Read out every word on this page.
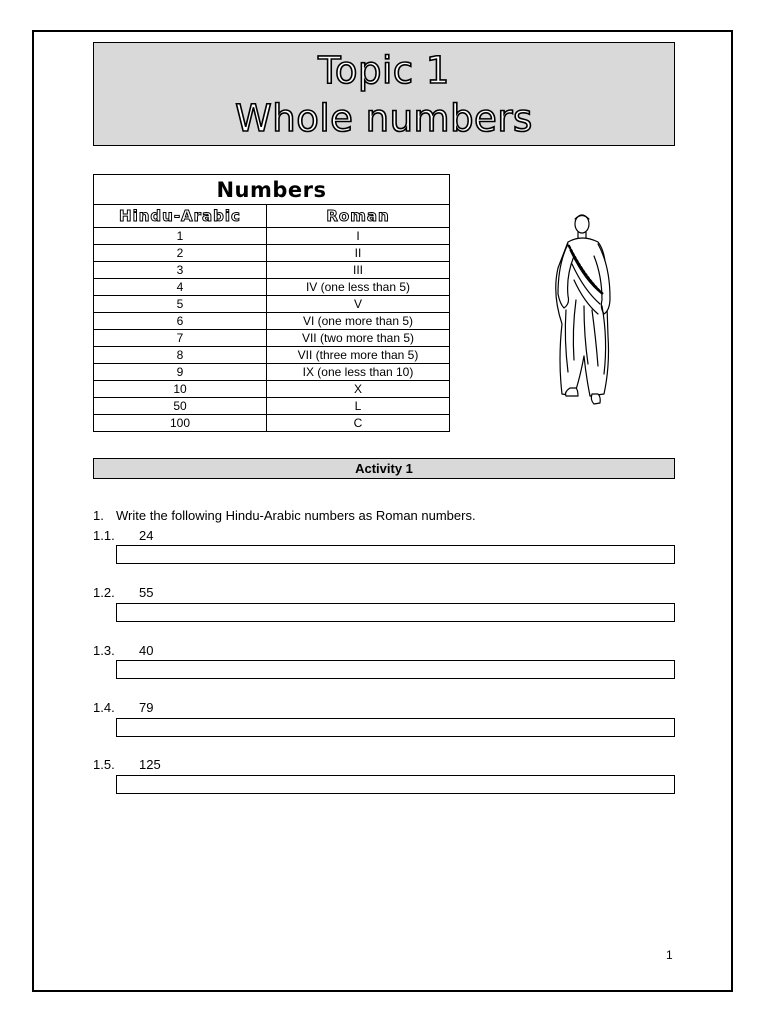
Topic 1
Whole numbers
Numbers	
Hindu-Arabic	Roman
1	I
2	II
3	III
4	IV (one less than 5)
5	V
6	VI (one more than 5)
7	VII (two more than 5)
8	VII (three more than 5)
9	IX (one less than 10)
10	X
50	L
100	C
Activity 1
1. Write the following Hindu-Arabic numbers as Roman numbers.
1.1. 24
1.2. 55
1.3. 40
1.4. 79
1.5. 125
1
